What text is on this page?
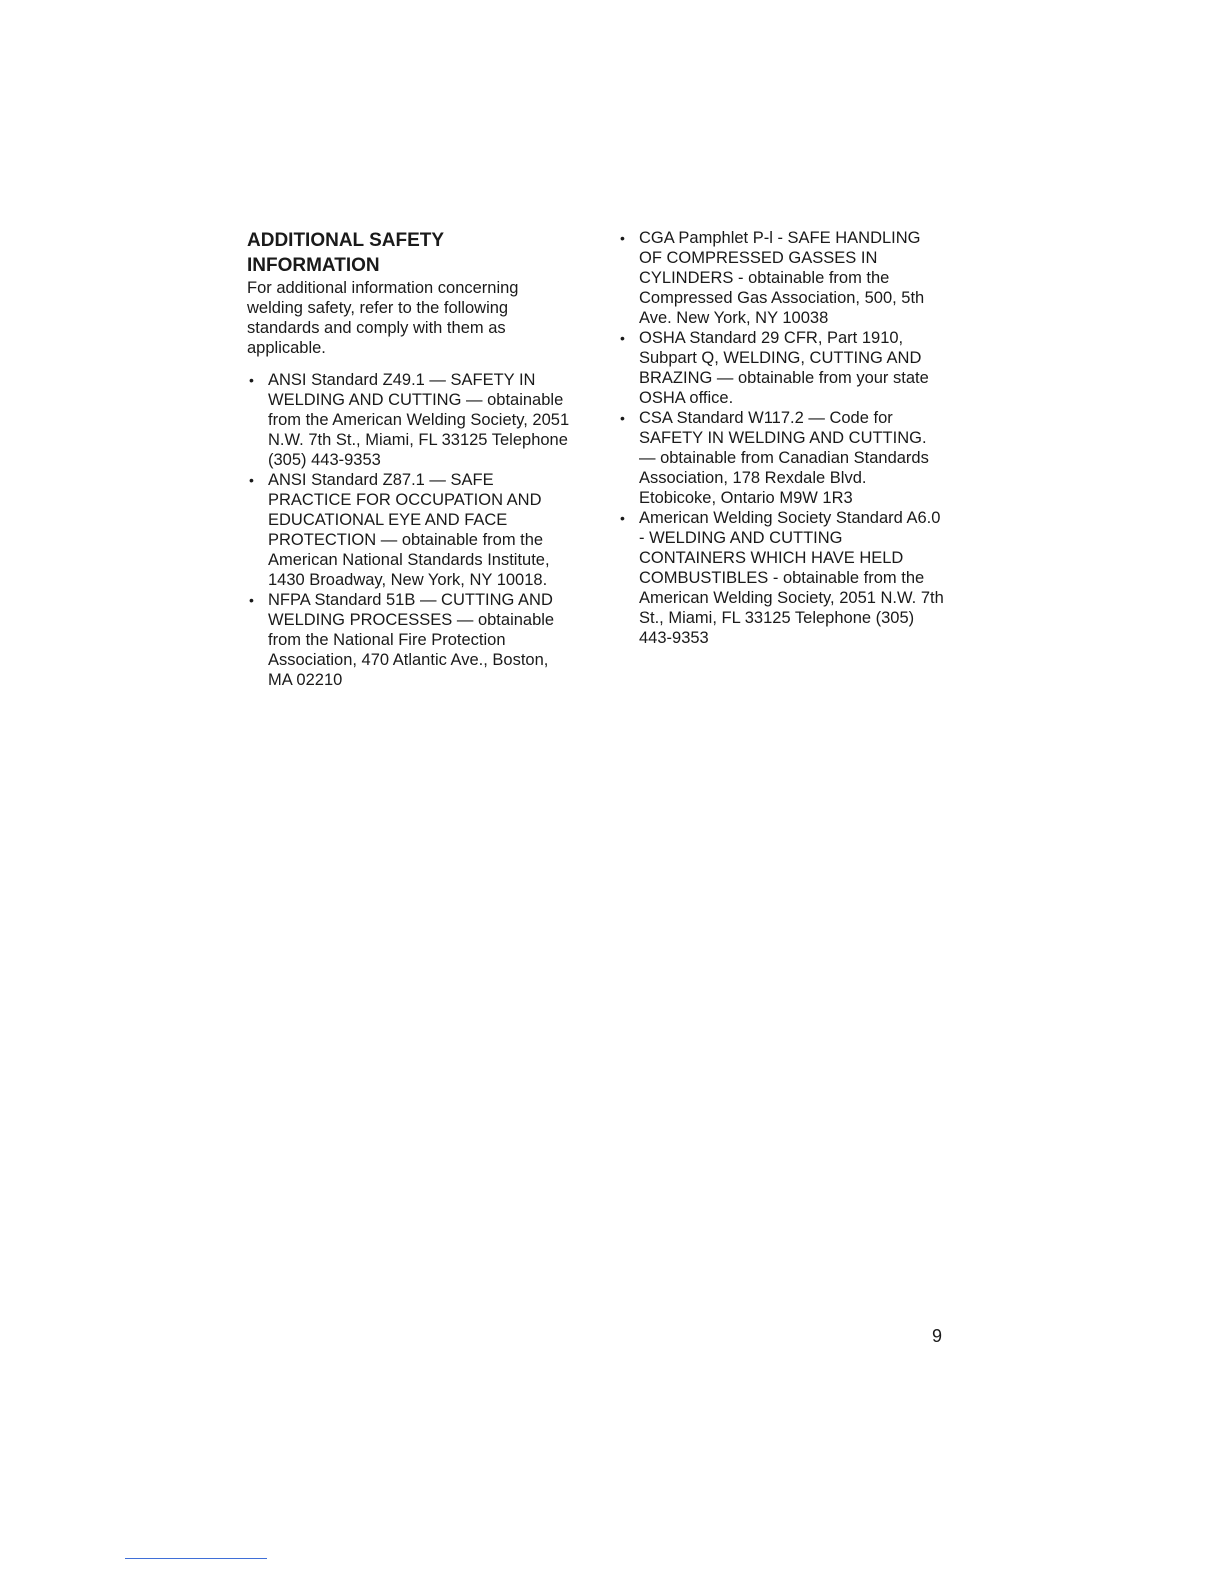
ADDITIONAL SAFETY INFORMATION

For additional information concerning welding safety, refer to the following standards and comply with them as applicable.

• ANSI Standard Z49.1 — SAFETY IN WELDING AND CUTTING — obtainable from the American Welding Society, 2051 N.W. 7th St., Miami, FL 33125 Telephone (305) 443-9353
• ANSI Standard Z87.1 — SAFE PRACTICE FOR OCCUPATION AND EDUCATIONAL EYE AND FACE PROTECTION — obtainable from the American National Standards Institute, 1430 Broadway, New York, NY 10018.
• NFPA Standard 51B — CUTTING AND WELDING PROCESSES — obtainable from the National Fire Protection Association, 470 Atlantic Ave., Boston, MA 02210
• CGA Pamphlet P-l - SAFE HANDLING OF COMPRESSED GASSES IN CYLINDERS - obtainable from the Compressed Gas Association, 500, 5th Ave. New York, NY 10038
• OSHA Standard 29 CFR, Part 1910, Subpart Q, WELDING, CUTTING AND BRAZING — obtainable from your state OSHA office.
• CSA Standard W117.2 — Code for SAFETY IN WELDING AND CUTTING. — obtainable from Canadian Standards Association, 178 Rexdale Blvd. Etobicoke, Ontario M9W 1R3
• American Welding Society Standard A6.0 - WELDING AND CUTTING CONTAINERS WHICH HAVE HELD COMBUSTIBLES - obtainable from the American Welding Society, 2051 N.W. 7th St., Miami, FL 33125 Telephone (305) 443-9353
9
